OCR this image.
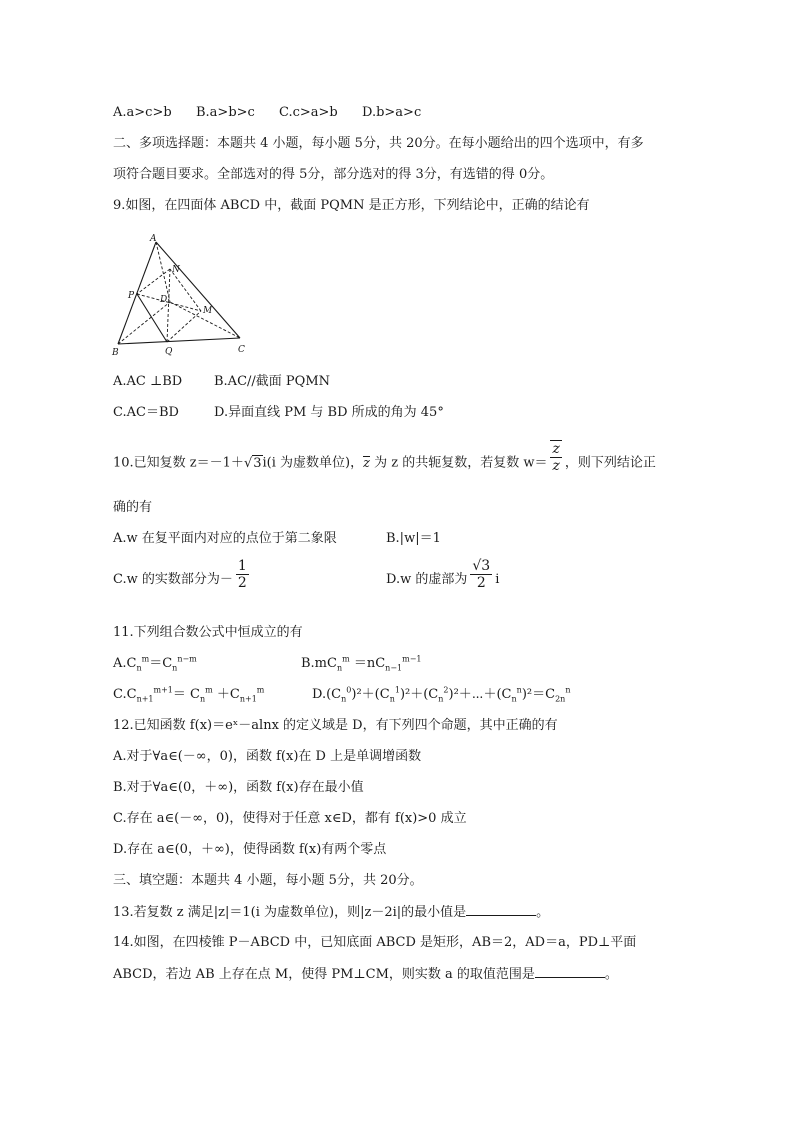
A.a>c>b B.a>b>c C.c>a>b D.b>a>c
二、多项选择题：本题共 4 小题，每小题 5分，共 20分。在每小题给出的四个选项中，有多
项符合题目要求。全部选对的得 5分，部分选对的得 3分，有选错的得 0分。
9.如图，在四面体 ABCD 中，截面 PQMN 是正方形，下列结论中，正确的结论有
A
B	C
D
N
P
M
Q
A.AC ⊥BD B.AC//截面 PQMN
C.AC＝BD	D.异面直线 PM 与 BD 所成的角为 45°
10.已知复数 z＝－1＋√3i(i 为虚数单位)，z 为 z 的共轭复数，若复数 $w= \frac{z}{z}$ ，则下列结论正
确的有
A.w 在复平面内对应的点位于第二象限	B.|w|＝1
C.w 的实数部分为－ $\frac{1}{2}$	D.w 的虚部为 $\frac{√3}{2}$ i
11.下列组合数公式中恒成立的有
$A.C_n^m=C_n^{n-m}$	$B.mC_n^m =nC_{n-1}^{m-1}$
$C.C_{n+1}^{m+1}= C_n^m +C_{n+1}^m$	$D.(C_n^0)^2+(C_n^1)^2+(C_n^2)^2+\cdots+(C_n^n)^2=C_{2n}^n$
12.已知函数 f(x)＝eˣ－alnx 的定义域是 D，有下列四个命题，其中正确的有
A.对于∀a∈(－∞，0)，函数 f(x)在 D 上是单调增函数
B.对于∀a∈(0，＋∞)，函数 f(x)存在最小值
C.存在 a∈(－∞，0)，使得对于任意 x∈D，都有 f(x)>0 成立
D.存在 a∈(0，＋∞)，使得函数 f(x)有两个零点
三、填空题：本题共 4 小题，每小题 5分，共 20分。
13.若复数 z 满足|z|＝1(i 为虚数单位)，则|z－2i|的最小值是	。
14.如图，在四棱锥 P－ABCD 中，已知底面 ABCD 是矩形，AB＝2，AD＝a，PD⊥平面
ABCD，若边 AB 上存在点 M，使得 PM⊥CM，则实数 a 的取值范围是	。
